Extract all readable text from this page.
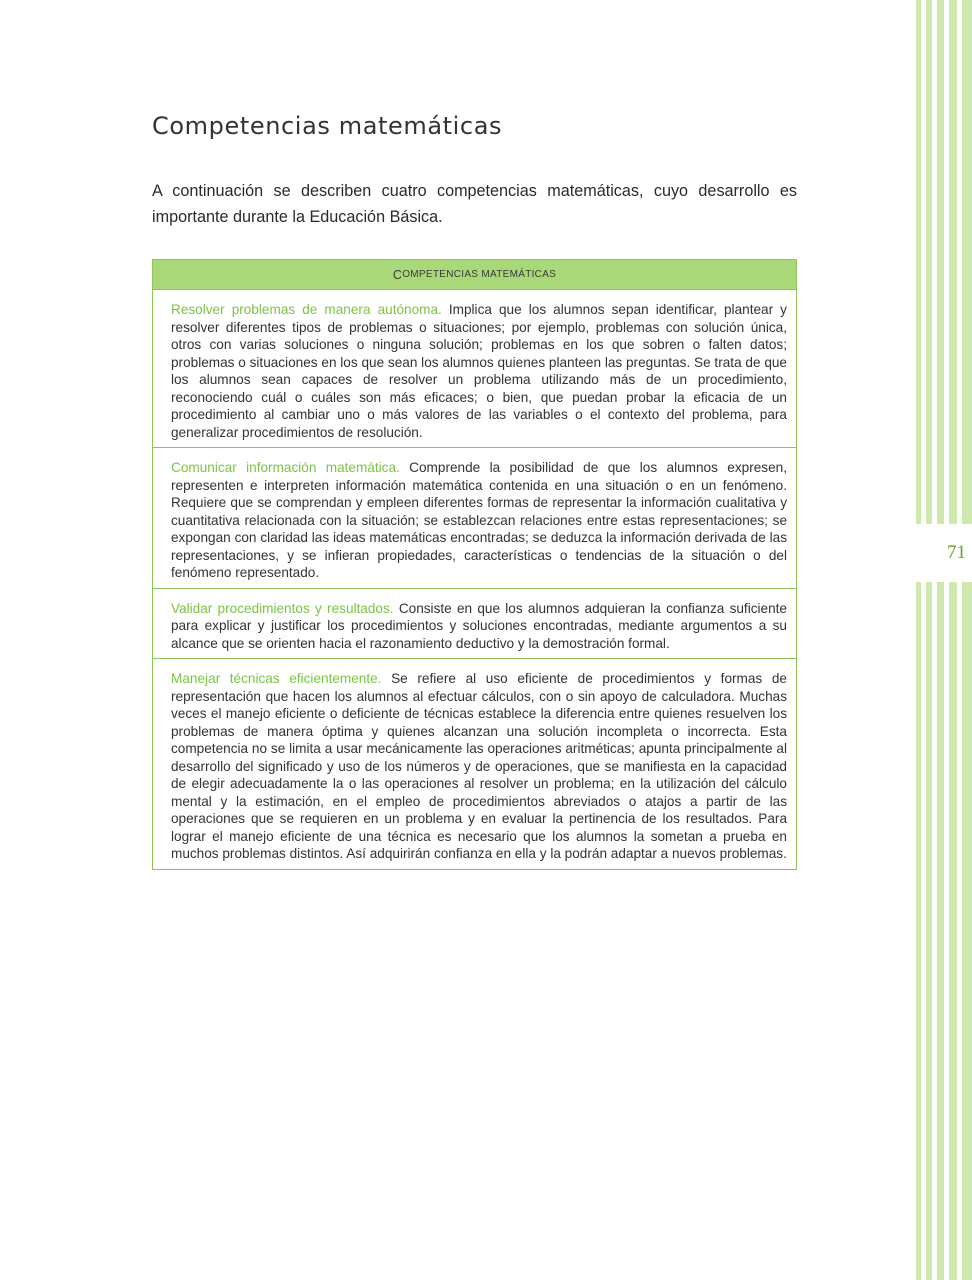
71
Competencias matemáticas

A continuación se describen cuatro competencias matemáticas, cuyo desarrollo es importante durante la Educación Básica.

C OMPETENCIAS MATEMÁTICAS
Resolver problemas de manera autónoma. Implica que los alumnos sepan identificar, plantear y resolver diferentes tipos de problemas o situaciones; por ejemplo, problemas con solución única, otros con varias soluciones o ninguna solución; problemas en los que sobren o falten datos; problemas o situaciones en los que sean los alumnos quienes planteen las preguntas. Se trata de que los alumnos sean capaces de resolver un problema utilizando más de un procedimiento, reconociendo cuál o cuáles son más eficaces; o bien, que puedan probar la eficacia de un procedimiento al cambiar uno o más valores de las variables o el contexto del problema, para generalizar procedimientos de resolución.
Comunicar información matemática. Comprende la posibilidad de que los alumnos expresen, representen e interpreten información matemática contenida en una situación o en un fenómeno. Requiere que se comprendan y empleen diferentes formas de representar la información cualitativa y cuantitativa relacionada con la situación; se establezcan relaciones entre estas representaciones; se expongan con claridad las ideas matemáticas encontradas; se deduzca la información derivada de las representaciones, y se infieran propiedades, características o tendencias de la situación o del fenómeno representado.
Validar procedimientos y resultados. Consiste en que los alumnos adquieran la confianza suficiente para explicar y justificar los procedimientos y soluciones encontradas, mediante argumentos a su alcance que se orienten hacia el razonamiento deductivo y la demostración formal.
Manejar técnicas eficientemente. Se refiere al uso eficiente de procedimientos y formas de representación que hacen los alumnos al efectuar cálculos, con o sin apoyo de calculadora. Muchas veces el manejo eficiente o deficiente de técnicas establece la diferencia entre quienes resuelven los problemas de manera óptima y quienes alcanzan una solución incompleta o incorrecta. Esta competencia no se limita a usar mecánicamente las operaciones aritméticas; apunta principalmente al desarrollo del significado y uso de los números y de operaciones, que se manifiesta en la capacidad de elegir adecuadamente la o las operaciones al resolver un problema; en la utilización del cálculo mental y la estimación, en el empleo de procedimientos abreviados o atajos a partir de las operaciones que se requieren en un problema y en evaluar la pertinencia de los resultados. Para lograr el manejo eficiente de una técnica es necesario que los alumnos la sometan a prueba en muchos problemas distintos. Así adquirirán confianza en ella y la podrán adaptar a nuevos problemas.
